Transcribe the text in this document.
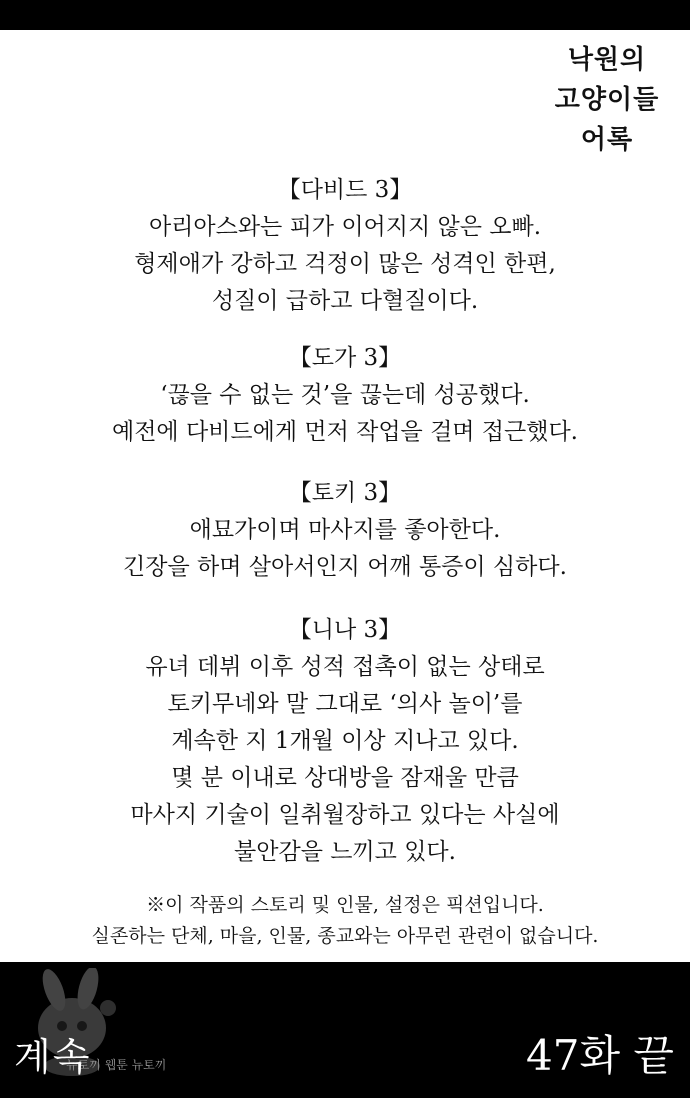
낙원의
고양이들
어록
【다비드 3】
아리아스와는 피가 이어지지 않은 오빠.
형제애가 강하고 걱정이 많은 성격인 한편,
성질이 급하고 다혈질이다.
【도가 3】
‘끊을 수 없는 것’을 끊는데 성공했다.
예전에 다비드에게 먼저 작업을 걸며 접근했다.
【토키 3】
애묘가이며 마사지를 좋아한다.
긴장을 하며 살아서인지 어깨 통증이 심하다.
【니나 3】
유녀 데뷔 이후 성적 접촉이 없는 상태로
토키무네와 말 그대로 ‘의사 놀이’를
계속한 지 1개월 이상 지나고 있다.
몇 분 이내로 상대방을 잠재울 만큼
마사지 기술이 일취월장하고 있다는 사실에
불안감을 느끼고 있다.
※이 작품의 스토리 및 인물, 설정은 픽션입니다.
실존하는 단체, 마을, 인물, 종교와는 아무런 관련이 없습니다.
뉴토끼 웹툰 뉴토끼
계속	47화 끝
